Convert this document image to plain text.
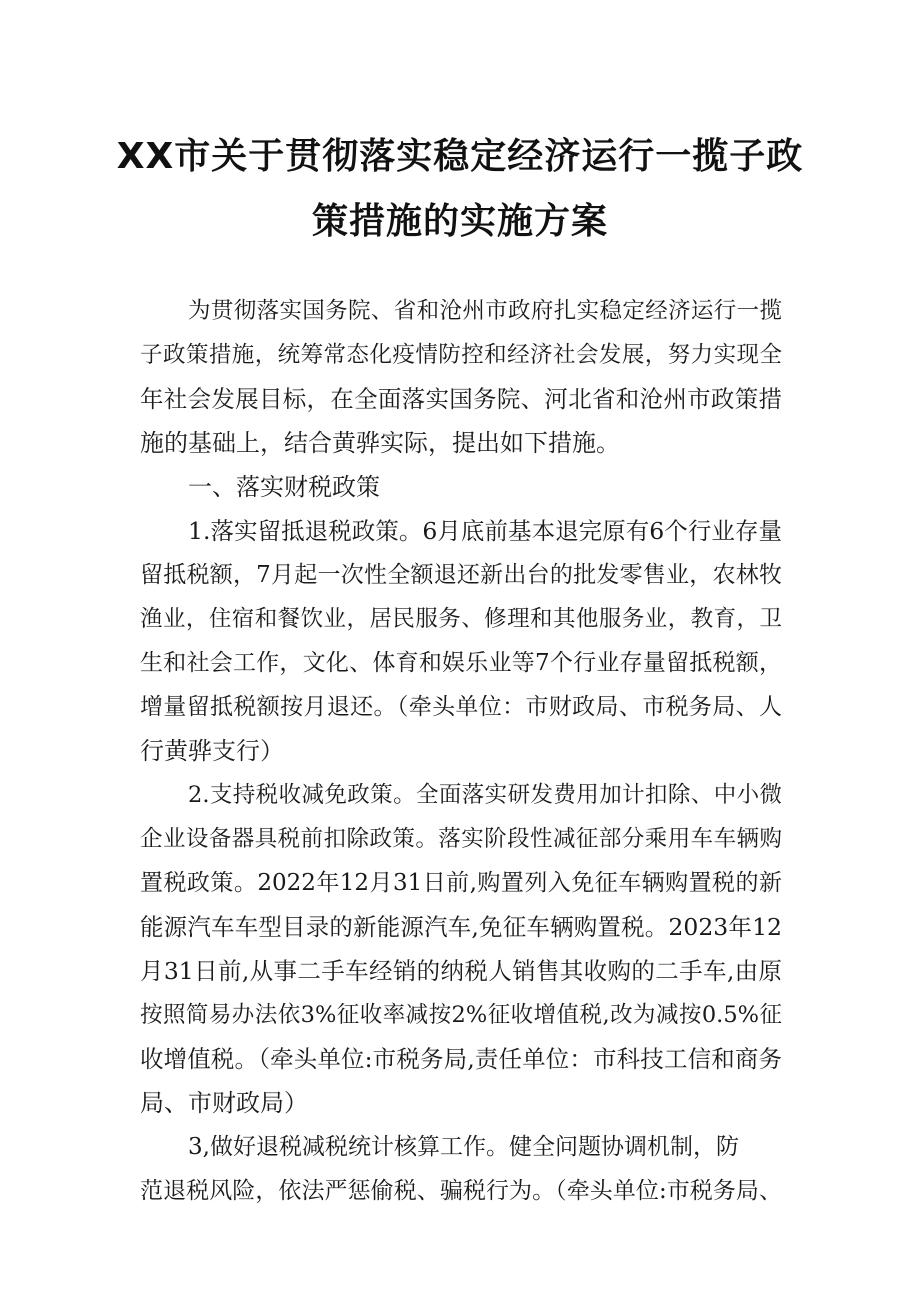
XX市关于贯彻落实稳定经济运行一揽子政
策措施的实施方案
为贯彻落实国务院、省和沧州市政府扎实稳定经济运行一揽
子政策措施，统筹常态化疫情防控和经济社会发展，努力实现全
年社会发展目标，在全面落实国务院、河北省和沧州市政策措
施的基础上，结合黄骅实际，提出如下措施。
一、落实财税政策
1.落实留抵退税政策。6月底前基本退完原有6个行业存量
留抵税额，7月起一次性全额退还新出台的批发零售业，农林牧
渔业，住宿和餐饮业，居民服务、修理和其他服务业，教育，卫
生和社会工作，文化、体育和娱乐业等7个行业存量留抵税额，
增量留抵税额按月退还。（牵头单位：市财政局、市税务局、人
行黄骅支行）
2.支持税收减免政策。全面落实研发费用加计扣除、中小微
企业设备器具税前扣除政策。落实阶段性减征部分乘用车车辆购
置税政策。2022年12月31日前,购置列入免征车辆购置税的新
能源汽车车型目录的新能源汽车,免征车辆购置税。2023年12
月31日前,从事二手车经销的纳税人销售其收购的二手车,由原
按照简易办法依3%征收率减按2%征收增值税,改为减按0.5%征
收增值税。（牵头单位:市税务局,责任单位：市科技工信和商务
局、市财政局）
3,做好退税减税统计核算工作。健全问题协调机制，防
范退税风险，依法严惩偷税、骗税行为。（牵头单位:市税务局、
